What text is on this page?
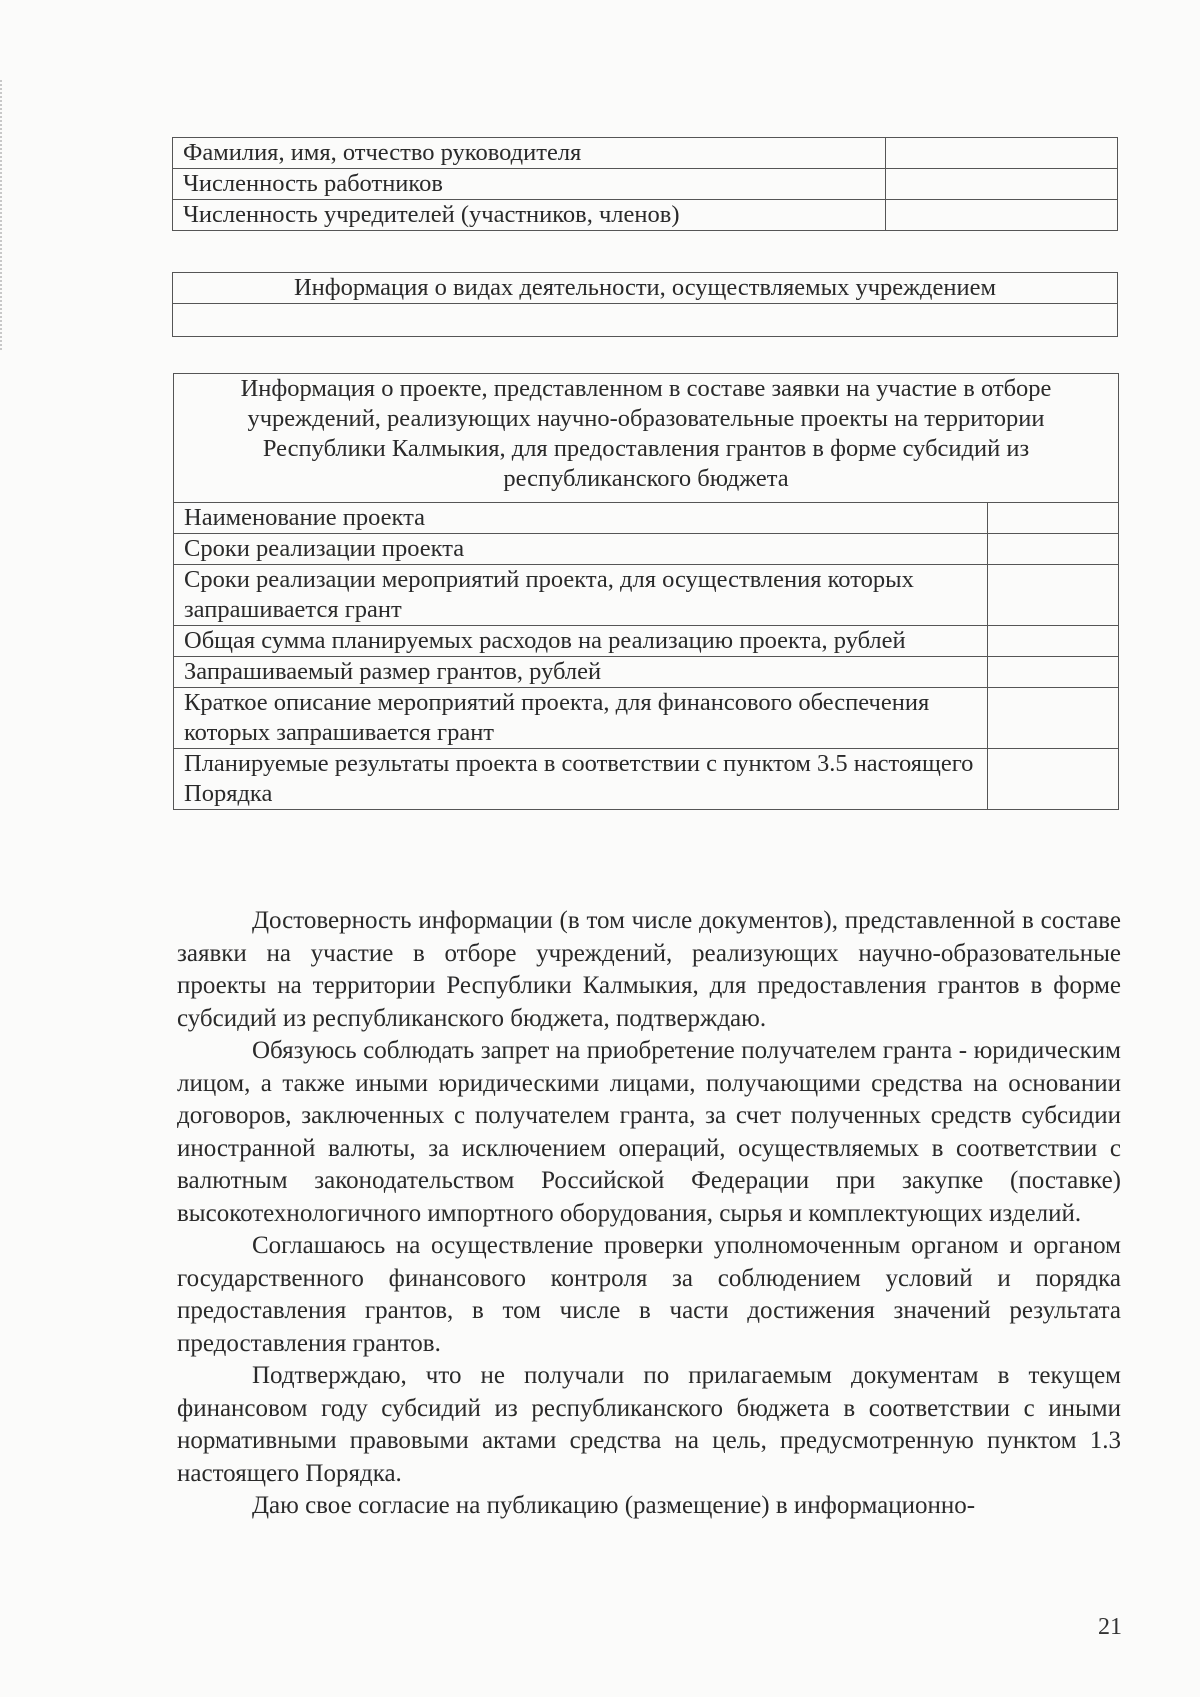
Фамилия, имя, отчество руководителя	
Численность работников	
Численность учредителей (участников, членов)	
Информация о видах деятельности, осуществляемых учреждением

Информация о проекте, представленном в составе заявки на участие в отборе учреждений, реализующих научно-образовательные проекты на территории Республики Калмыкия, для предоставления грантов в форме субсидий из республиканского бюджета	
Наименование проекта	
Сроки реализации проекта	
Сроки реализации мероприятий проекта, для осуществления которых запрашивается грант	
Общая сумма планируемых расходов на реализацию проекта, рублей	
Запрашиваемый размер грантов, рублей	
Краткое описание мероприятий проекта, для финансового обеспечения которых запрашивается грант	
Планируемые результаты проекта в соответствии с пунктом 3.5 настоящего Порядка	

Достоверность информации (в том числе документов), представленной в составе заявки на участие в отборе учреждений, реализующих научно-образовательные проекты на территории Республики Калмыкия, для предоставления грантов в форме субсидий из республиканского бюджета, подтверждаю.

Обязуюсь соблюдать запрет на приобретение получателем гранта - юридическим лицом, а также иными юридическими лицами, получающими средства на основании договоров, заключенных с получателем гранта, за счет полученных средств субсидии иностранной валюты, за исключением операций, осуществляемых в соответствии с валютным законодательством Российской Федерации при закупке (поставке) высокотехнологичного импортного оборудования, сырья и комплектующих изделий.

Соглашаюсь на осуществление проверки уполномоченным органом и органом государственного финансового контроля за соблюдением условий и порядка предоставления грантов, в том числе в части достижения значений результата предоставления грантов.

Подтверждаю, что не получали по прилагаемым документам в текущем финансовом году субсидий из республиканского бюджета в соответствии с иными нормативными правовыми актами средства на цель, предусмотренную пунктом 1.3 настоящего Порядка.

Даю свое согласие на публикацию (размещение) в информационно-

21
